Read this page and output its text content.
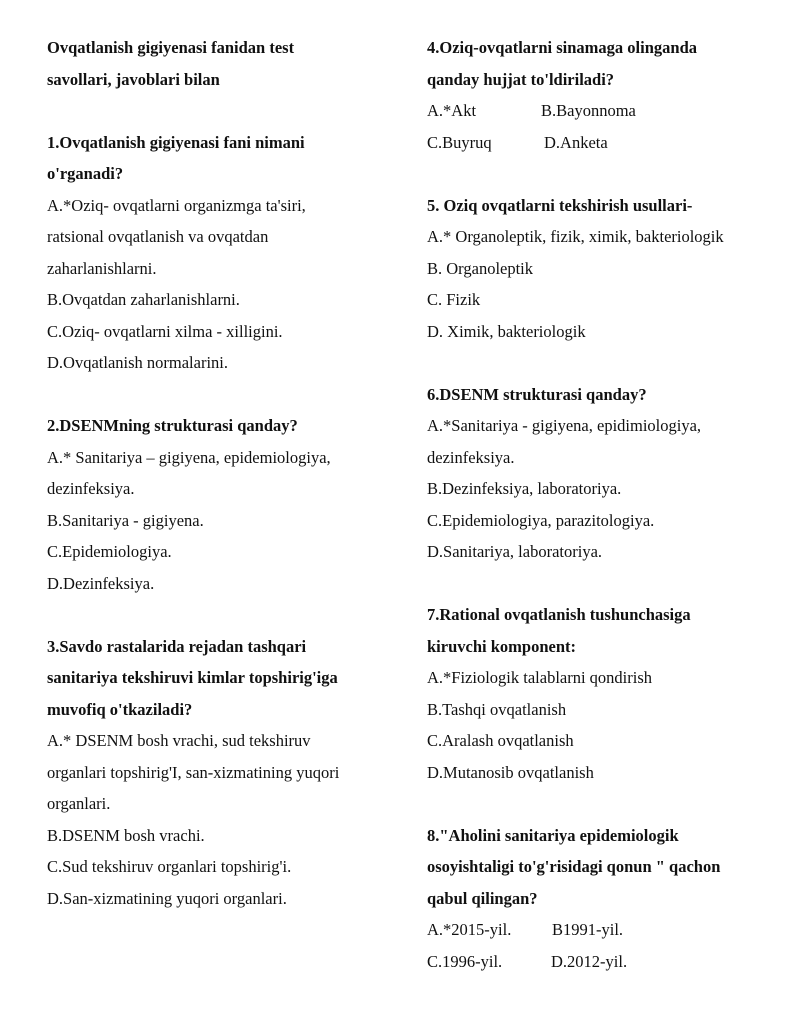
Ovqatlanish gigiyenasi fanidan test

savollari, javoblari bilan

1.Ovqatlanish gigiyenasi fani nimani

o'rganadi?

A.*Oziq- ovqatlarni organizmga ta'siri,

ratsional ovqatlanish va ovqatdan

zaharlanishlarni.

B.Ovqatdan zaharlanishlarni.

C.Oziq- ovqatlarni xilma - xilligini.

D.Ovqatlanish normalarini.

2.DSENMning strukturasi qanday?

A.* Sanitariya – gigiyena, epidemiologiya,

dezinfeksiya.

B.Sanitariya - gigiyena.

C.Epidemiologiya.

D.Dezinfeksiya.

3.Savdo rastalarida rejadan tashqari

sanitariya tekshiruvi kimlar topshirig'iga

muvofiq o'tkaziladi?

A.* DSENM bosh vrachi, sud tekshiruv

organlari topshirig'I, san-xizmatining yuqori

organlari.

B.DSENM bosh vrachi.

C.Sud tekshiruv organlari topshirig'i.

D.San-xizmatining yuqori organlari.

4.Oziq-ovqatlarni sinamaga olinganda

qanday hujjat to'ldiriladi?

A.*Akt	B.Bayonnoma
C.Buyruq	D.Anketa

5. Oziq ovqatlarni tekshirish usullari-

A.* Organoleptik, fizik, ximik, bakteriologik

B. Organoleptik

C. Fizik

D. Ximik, bakteriologik

6.DSENM strukturasi qanday?

A.*Sanitariya - gigiyena, epidimiologiya,

dezinfeksiya.

B.Dezinfeksiya, laboratoriya.

C.Epidemiologiya, parazitologiya.

D.Sanitariya, laboratoriya.

7.Rational ovqatlanish tushunchasiga

kiruvchi komponent:

A.*Fiziologik talablarni qondirish

B.Tashqi ovqatlanish

C.Aralash ovqatlanish

D.Mutanosib ovqatlanish

8."Aholini sanitariya epidemiologik

osoyishtaligi to'g'risidagi qonun " qachon

qabul qilingan?

A.*2015-yil.	B1991-yil.
C.1996-yil.	D.2012-yil.
